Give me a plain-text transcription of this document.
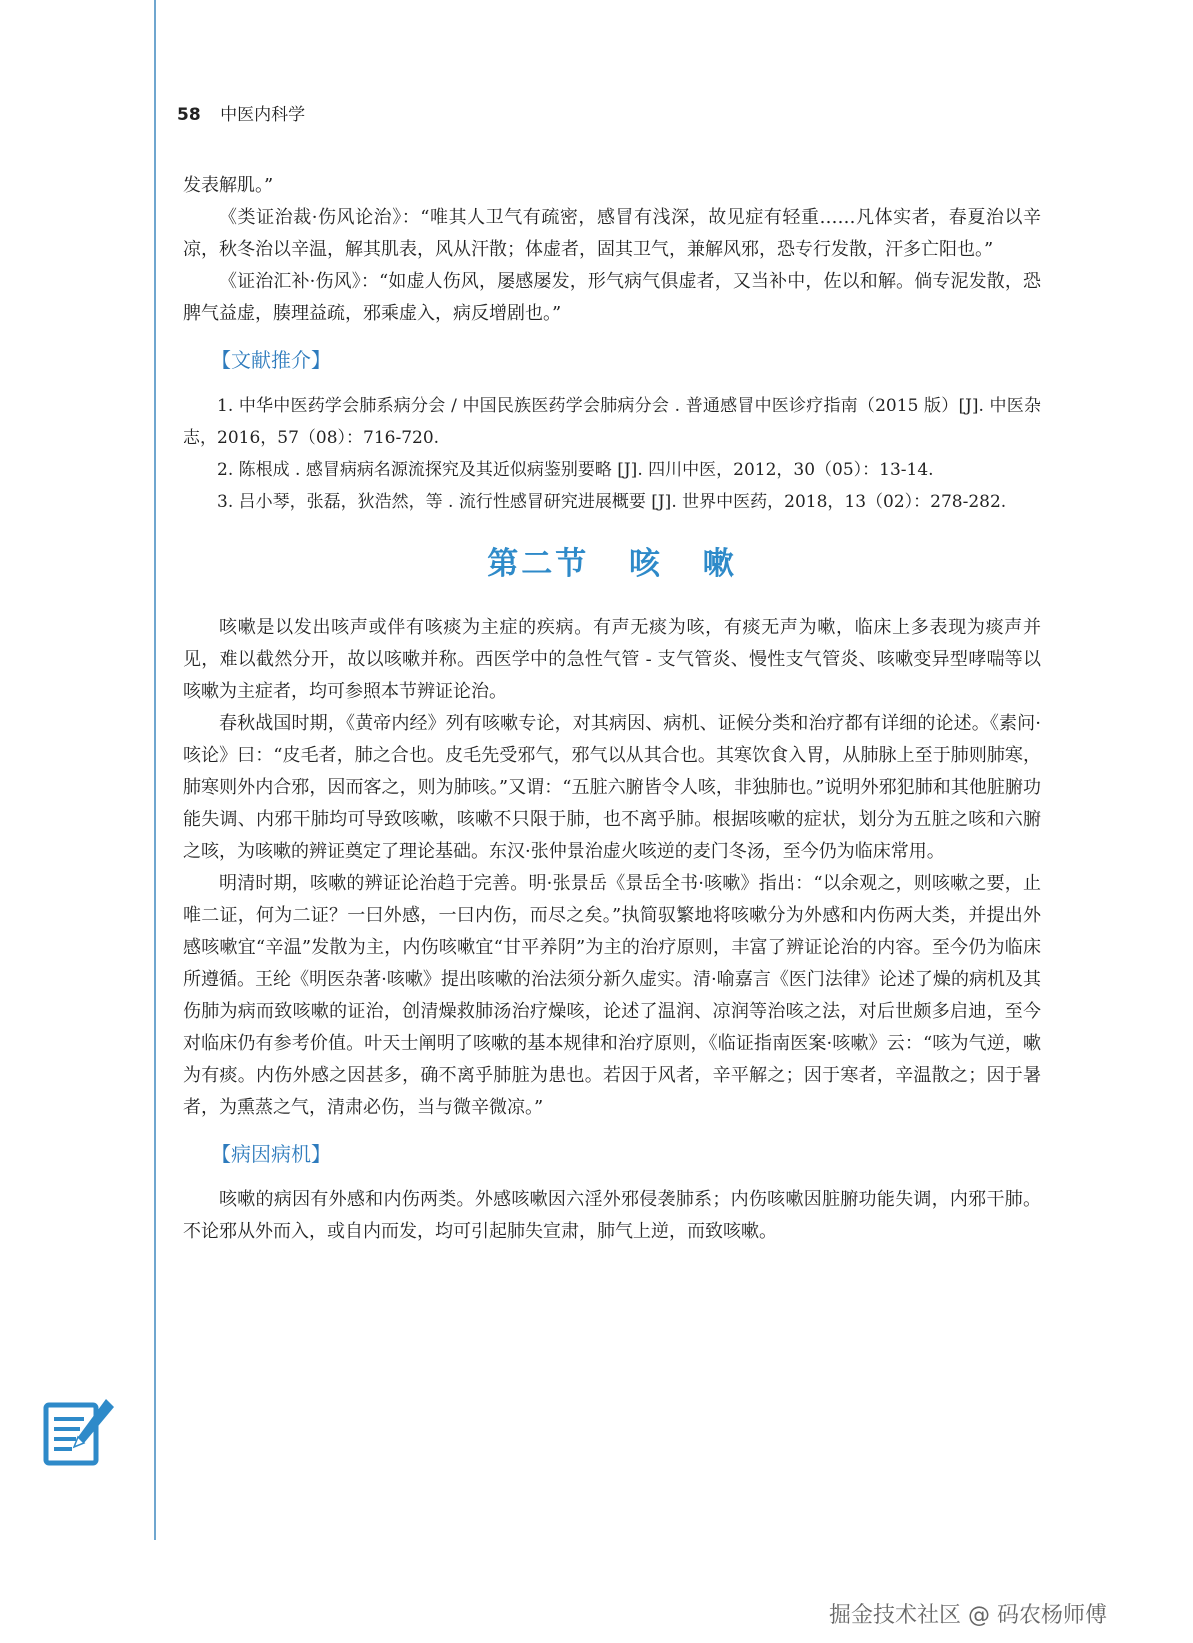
58 中医内科学

发表解肌。”

《类证治裁·伤风论治》：“唯其人卫气有疏密，感冒有浅深，故见症有轻重……凡体实者，春夏治以辛凉，秋冬治以辛温，解其肌表，风从汗散；体虚者，固其卫气，兼解风邪，恐专行发散，汗多亡阳也。”

《证治汇补·伤风》：“如虚人伤风，屡感屡发，形气病气俱虚者，又当补中，佐以和解。倘专泥发散，恐脾气益虚，腠理益疏，邪乘虚入，病反增剧也。”

【文献推介】

1. 中华中医药学会肺系病分会 / 中国民族医药学会肺病分会 . 普通感冒中医诊疗指南（2015 版）[J]. 中医杂志，2016，57（08）：716-720.

2. 陈根成 . 感冒病病名源流探究及其近似病鉴别要略 [J]. 四川中医，2012，30（05）：13-14.

3. 吕小琴，张磊，狄浩然，等 . 流行性感冒研究进展概要 [J]. 世界中医药，2018，13（02）：278-282.

第二节 咳 嗽

咳嗽是以发出咳声或伴有咳痰为主症的疾病。有声无痰为咳，有痰无声为嗽，临床上多表现为痰声并见，难以截然分开，故以咳嗽并称。西医学中的急性气管 - 支气管炎、慢性支气管炎、咳嗽变异型哮喘等以咳嗽为主症者，均可参照本节辨证论治。

春秋战国时期，《黄帝内经》列有咳嗽专论，对其病因、病机、证候分类和治疗都有详细的论述。《素问·咳论》曰：“皮毛者，肺之合也。皮毛先受邪气，邪气以从其合也。其寒饮食入胃，从肺脉上至于肺则肺寒，肺寒则外内合邪，因而客之，则为肺咳。”又谓：“五脏六腑皆令人咳，非独肺也。”说明外邪犯肺和其他脏腑功能失调、内邪干肺均可导致咳嗽，咳嗽不只限于肺，也不离乎肺。根据咳嗽的症状，划分为五脏之咳和六腑之咳，为咳嗽的辨证奠定了理论基础。东汉·张仲景治虚火咳逆的麦门冬汤，至今仍为临床常用。

明清时期，咳嗽的辨证论治趋于完善。明·张景岳《景岳全书·咳嗽》指出：“以余观之，则咳嗽之要，止唯二证，何为二证？一曰外感，一曰内伤，而尽之矣。”执简驭繁地将咳嗽分为外感和内伤两大类，并提出外感咳嗽宜“辛温”发散为主，内伤咳嗽宜“甘平养阴”为主的治疗原则，丰富了辨证论治的内容。至今仍为临床所遵循。王纶《明医杂著·咳嗽》提出咳嗽的治法须分新久虚实。清·喻嘉言《医门法律》论述了燥的病机及其伤肺为病而致咳嗽的证治，创清燥救肺汤治疗燥咳，论述了温润、凉润等治咳之法，对后世颇多启迪，至今对临床仍有参考价值。叶天士阐明了咳嗽的基本规律和治疗原则，《临证指南医案·咳嗽》云：“咳为气逆，嗽为有痰。内伤外感之因甚多，确不离乎肺脏为患也。若因于风者，辛平解之；因于寒者，辛温散之；因于暑者，为熏蒸之气，清肃必伤，当与微辛微凉。”

【病因病机】

咳嗽的病因有外感和内伤两类。外感咳嗽因六淫外邪侵袭肺系；内伤咳嗽因脏腑功能失调，内邪干肺。不论邪从外而入，或自内而发，均可引起肺失宣肃，肺气上逆，而致咳嗽。

掘金技术社区 @ 码农杨师傅
